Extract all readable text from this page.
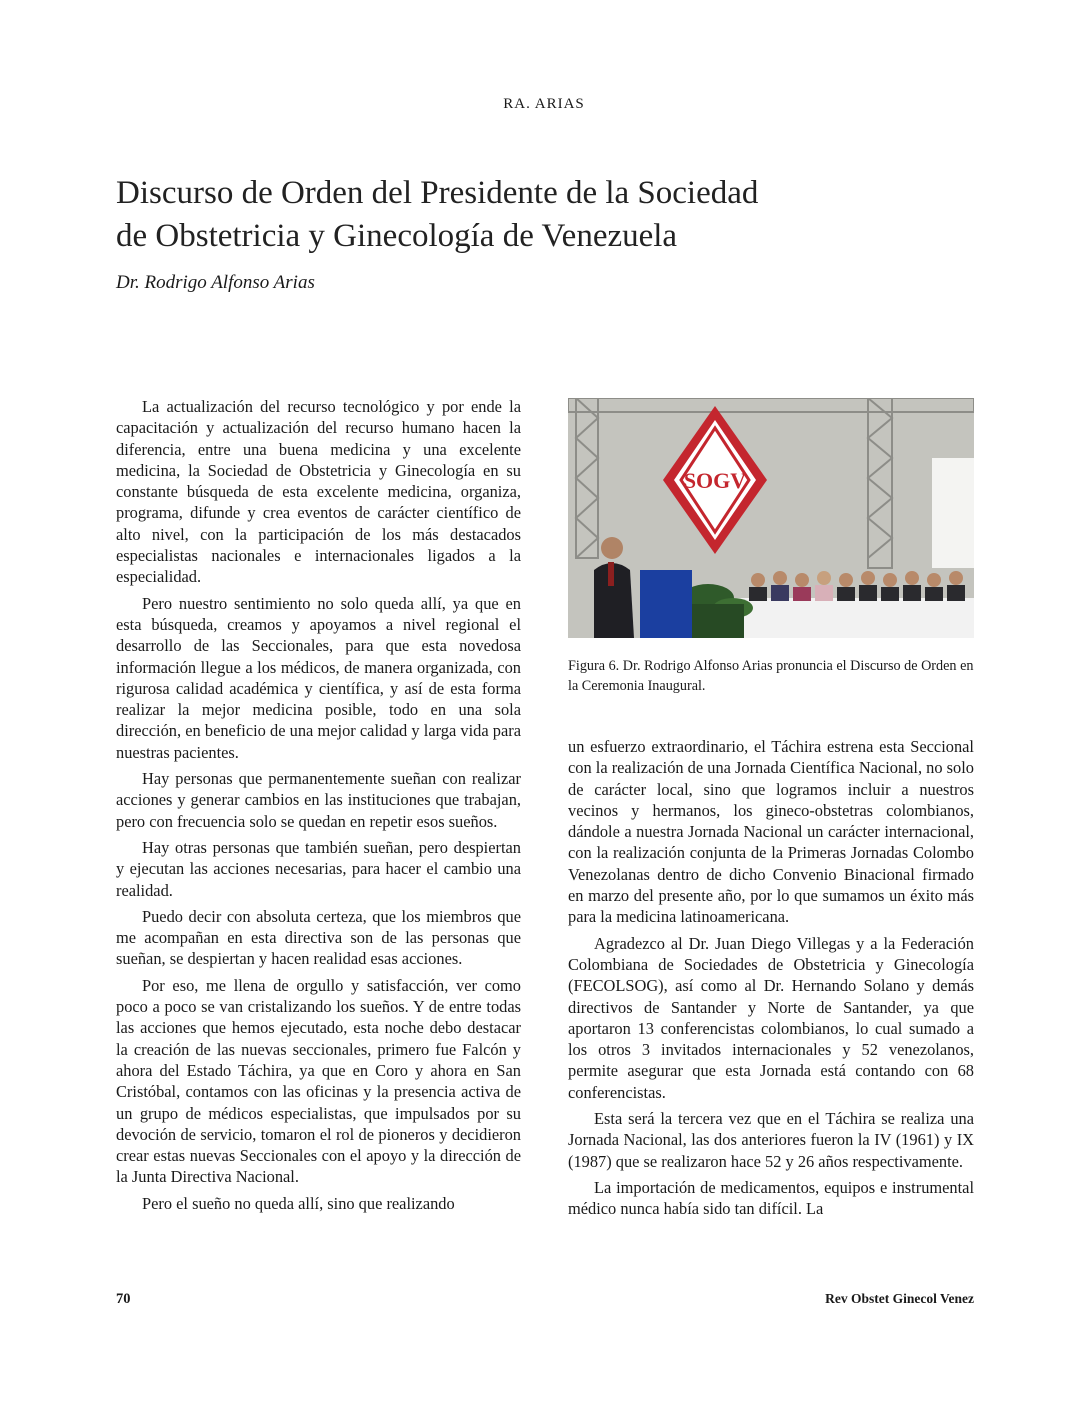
RA. ARIAS
Discurso de Orden del Presidente de la Sociedad
de Obstetricia y Ginecología de Venezuela
Dr. Rodrigo Alfonso Arias

La actualización del recurso tecnológico y por ende la capacitación y actualización del recurso humano hacen la diferencia, entre una buena medicina y una excelente medicina, la Sociedad de Obstetricia y Ginecología en su constante búsqueda de esta excelente medicina, organiza, programa, difunde y crea eventos de carácter científico de alto nivel, con la participación de los más destacados especialistas nacionales e internacionales ligados a la especialidad.

Pero nuestro sentimiento no solo queda allí, ya que en esta búsqueda, creamos y apoyamos a nivel regional el desarrollo de las Seccionales, para que esta novedosa información llegue a los médicos, de manera organizada, con rigurosa calidad académica y científica, y así de esta forma realizar la mejor medicina posible, todo en una sola dirección, en beneficio de una mejor calidad y larga vida para nuestras pacientes.

Hay personas que permanentemente sueñan con realizar acciones y generar cambios en las instituciones que trabajan, pero con frecuencia solo se quedan en repetir esos sueños.

Hay otras personas que también sueñan, pero despiertan y ejecutan las acciones necesarias, para hacer el cambio una realidad.

Puedo decir con absoluta certeza, que los miembros que me acompañan en esta directiva son de las personas que sueñan, se despiertan y hacen realidad esas acciones.

Por eso, me llena de orgullo y satisfacción, ver como poco a poco se van cristalizando los sueños. Y de entre todas las acciones que hemos ejecutado, esta noche debo destacar la creación de las nuevas seccionales, primero fue Falcón y ahora del Estado Táchira, ya que en Coro y ahora en San Cristóbal, contamos con las oficinas y la presencia activa de un grupo de médicos especialistas, que impulsados por su devoción de servicio, tomaron el rol de pioneros y decidieron crear estas nuevas Seccionales con el apoyo y la dirección de la Junta Directiva Nacional.

Pero el sueño no queda allí, sino que realizando

SOGV
Figura 6. Dr. Rodrigo Alfonso Arias pronuncia el Discurso de Orden en la Ceremonia Inaugural.

un esfuerzo extraordinario, el Táchira estrena esta Seccional con la realización de una Jornada Científica Nacional, no solo de carácter local, sino que logramos incluir a nuestros vecinos y hermanos, los gineco-obstetras colombianos, dándole a nuestra Jornada Nacional un carácter internacional, con la realización conjunta de la Primeras Jornadas Colombo Venezolanas dentro de dicho Convenio Binacional firmado en marzo del presente año, por lo que sumamos un éxito más para la medicina latinoamericana.

Agradezco al Dr. Juan Diego Villegas y a la Federación Colombiana de Sociedades de Obstetricia y Ginecología (FECOLSOG), así como al Dr. Hernando Solano y demás directivos de Santander y Norte de Santander, ya que aportaron 13 conferencistas colombianos, lo cual sumado a los otros 3 invitados internacionales y 52 venezolanos, permite asegurar que esta Jornada está contando con 68 conferencistas.

Esta será la tercera vez que en el Táchira se realiza una Jornada Nacional, las dos anteriores fueron la IV (1961) y IX (1987) que se realizaron hace 52 y 26 años respectivamente.

La importación de medicamentos, equipos e instrumental médico nunca había sido tan difícil. La

70	Rev Obstet Ginecol Venez
